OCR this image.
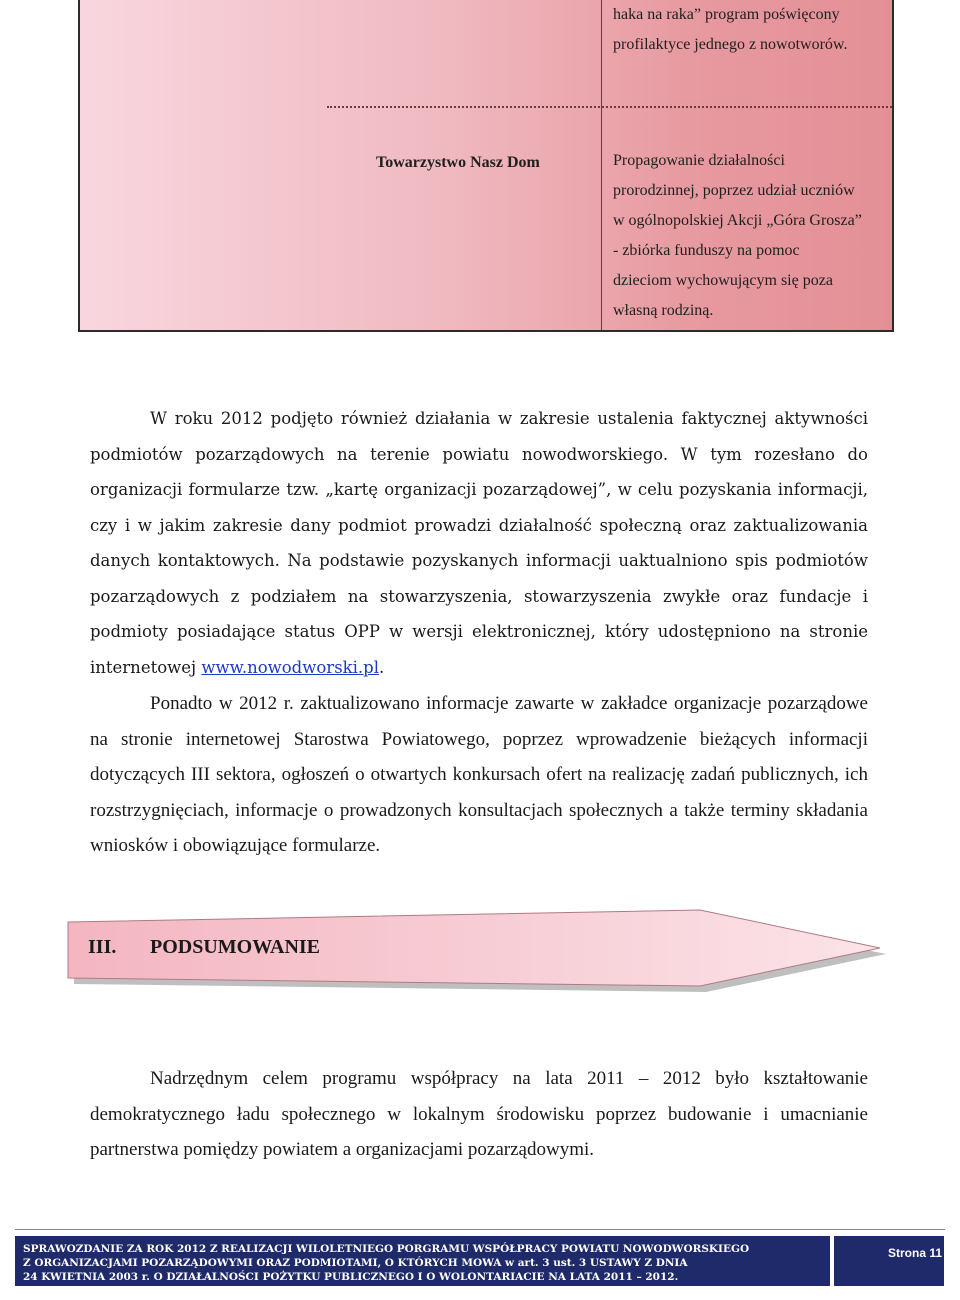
haka na raka” program poświęcony

profilaktyce jednego z nowotworów.

Towarzystwo Nasz Dom	Propagowanie działalności

prorodzinnej, poprzez udział uczniów

w ogólnopolskiej Akcji „Góra Grosza”

- zbiórka funduszy na pomoc

dzieciom wychowującym się poza

własną rodziną.

W roku 2012 podjęto również działania w zakresie ustalenia faktycznej aktywności podmiotów pozarządowych na terenie powiatu nowodworskiego. W tym rozesłano do organizacji formularze tzw. „kartę organizacji pozarządowej”, w celu pozyskania informacji, czy i w jakim zakresie dany podmiot prowadzi działalność społeczną oraz zaktualizowania danych kontaktowych. Na podstawie pozyskanych informacji uaktualniono spis podmiotów pozarządowych z podziałem na stowarzyszenia, stowarzyszenia zwykłe oraz fundacje i podmioty posiadające status OPP w wersji elektronicznej, który udostępniono na stronie internetowej www.nowodworski.pl.

Ponadto w 2012 r. zaktualizowano informacje zawarte w zakładce organizacje pozarządowe na stronie internetowej Starostwa Powiatowego, poprzez wprowadzenie bieżących informacji dotyczących III sektora, ogłoszeń o otwartych konkursach ofert na realizację zadań publicznych, ich rozstrzygnięciach, informacje o prowadzonych konsultacjach społecznych a także terminy składania wniosków i obowiązujące formularze.

III. PODSUMOWANIE

Nadrzędnym celem programu współpracy na lata 2011 – 2012 było kształtowanie demokratycznego ładu społecznego w lokalnym środowisku poprzez budowanie i umacnianie partnerstwa pomiędzy powiatem a organizacjami pozarządowymi.

SPRAWOZDANIE ZA ROK 2012 Z REALIZACJI WILOLETNIEGO PORGRAMU WSPÓŁPRACY POWIATU NOWODWORSKIEGO
Z ORGANIZACJAMI POZARZĄDOWYMI ORAZ PODMIOTAMI, O KTÓRYCH MOWA w art. 3 ust. 3 USTAWY Z DNIA
24 KWIETNIA 2003 r. O DZIAŁALNOŚCI POŻYTKU PUBLICZNEGO I O WOLONTARIACIE NA LATA 2011 – 2012.
Strona 11
